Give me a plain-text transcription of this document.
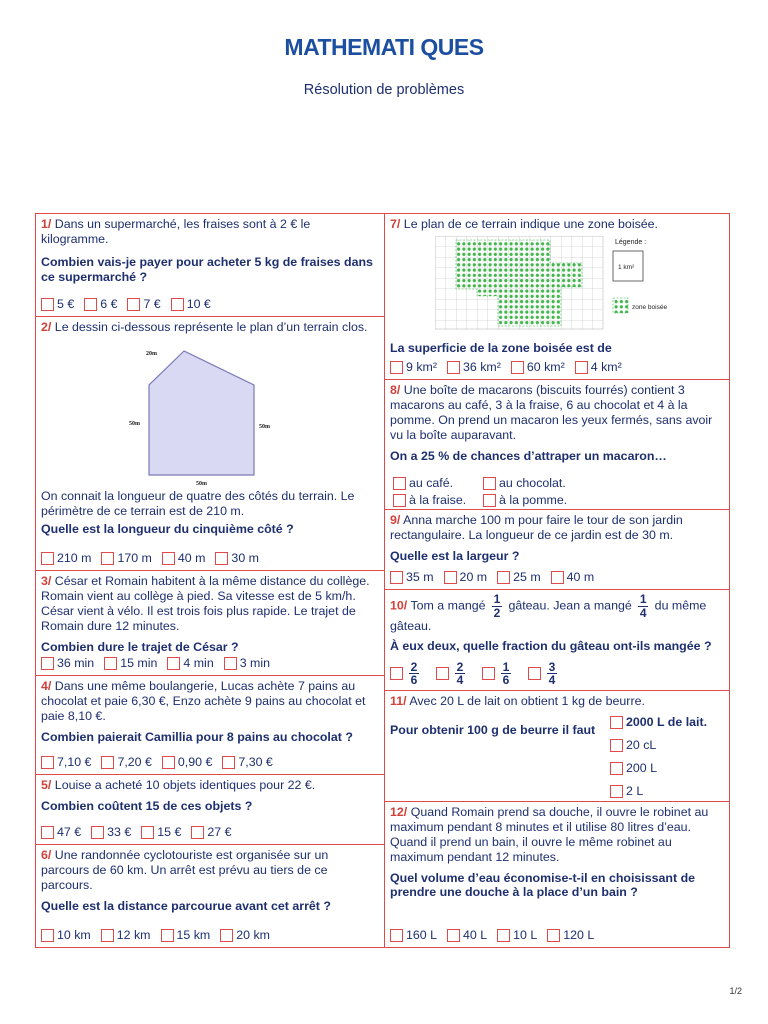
MATHEMATI QUES
Résolution de problèmes
1/ Dans un supermarché, les fraises sont à 2 € le kilogramme.
Combien vais-je payer pour acheter 5 kg de fraises dans ce supermarché ?
5 € 6 € 7 € 10 €
2/ Le dessin ci-dessous représente le plan d’un terrain clos.
20m
50m	50m
50m
On connait la longueur de quatre des côtés du terrain. Le périmètre de ce terrain est de 210 m.
Quelle est la longueur du cinquième côté ?
210 m 170 m 40 m 30 m
3/ César et Romain habitent à la même distance du collège. Romain vient au collège à pied. Sa vitesse est de 5 km/h. César vient à vélo. Il est trois fois plus rapide. Le trajet de Romain dure 12 minutes.
Combien dure le trajet de César ?
36 min 15 min 4 min 3 min
4/ Dans une même boulangerie, Lucas achète 7 pains au chocolat et paie 6,30 €, Enzo achète 9 pains au chocolat et paie 8,10 €.
Combien paierait Camillia pour 8 pains au chocolat ?
7,10 € 7,20 € 0,90 € 7,30 €
5/ Louise a acheté 10 objets identiques pour 22 €.
Combien coûtent 15 de ces objets ?
47 € 33 € 15 € 27 €
6/ Une randonnée cyclotouriste est organisée sur un parcours de 60 km. Un arrêt est prévu au tiers de ce parcours.
Quelle est la distance parcourue avant cet arrêt ?
10 km 12 km 15 km 20 km
7/ Le plan de ce terrain indique une zone boisée.
Légende :
1 km²
zone boisée
La superficie de la zone boisée est de
9 km² 36 km² 60 km² 4 km²
8/ Une boîte de macarons (biscuits fourrés) contient 3 macarons au café, 3 à la fraise, 6 au chocolat et 4 à la pomme. On prend un macaron les yeux fermés, sans avoir vu la boîte auparavant.
On a 25 % de chances d’attraper un macaron…
au café.	au chocolat.
à la fraise.	à la pomme.
9/ Anna marche 100 m pour faire le tour de son jardin rectangulaire. La longueur de ce jardin est de 30 m.
Quelle est la largeur ?
35 m 20 m 25 m 40 m
10/ Tom a mangé $\frac{1}{2}$ gâteau. Jean a mangé $\frac{1}{4}$ du même gâteau.
À eux deux, quelle fraction du gâteau ont-ils mangée ?
$\frac{2}{6}$	$\frac{2}{4}$	$\frac{1}{6}$	$\frac{3}{4}$
11/ Avec 20 L de lait on obtient 1 kg de beurre.
Pour obtenir 100 g de beurre il faut
2000 L de lait.
20 cL
200 L
2 L
12/ Quand Romain prend sa douche, il ouvre le robinet au maximum pendant 8 minutes et il utilise 80 litres d’eau.
Quand il prend un bain, il ouvre le même robinet au maximum pendant 12 minutes.
Quel volume d’eau économise-t-il en choisissant de prendre une douche à la place d’un bain ?
160 L 40 L 10 L 120 L
1/2
